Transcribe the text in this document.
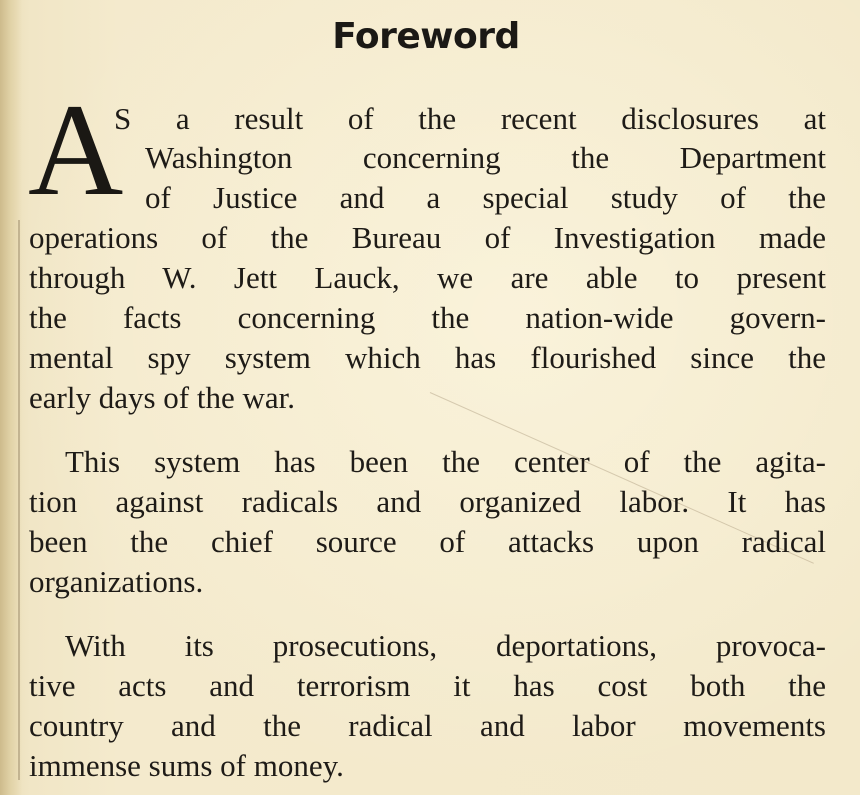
Foreword
A
S a result of the recent disclosures at
Washington concerning the Department
of Justice and a special study of the
operations of the Bureau of Investigation made
through W. Jett Lauck, we are able to present
the facts concerning the nation-wide govern-
mental spy system which has flourished since the
early days of the war.
This system has been the center of the agita-
tion against radicals and organized labor. It has
been the chief source of attacks upon radical
organizations.
With its prosecutions, deportations, provoca-
tive acts and terrorism it has cost both the
country and the radical and labor movements
immense sums of money.
